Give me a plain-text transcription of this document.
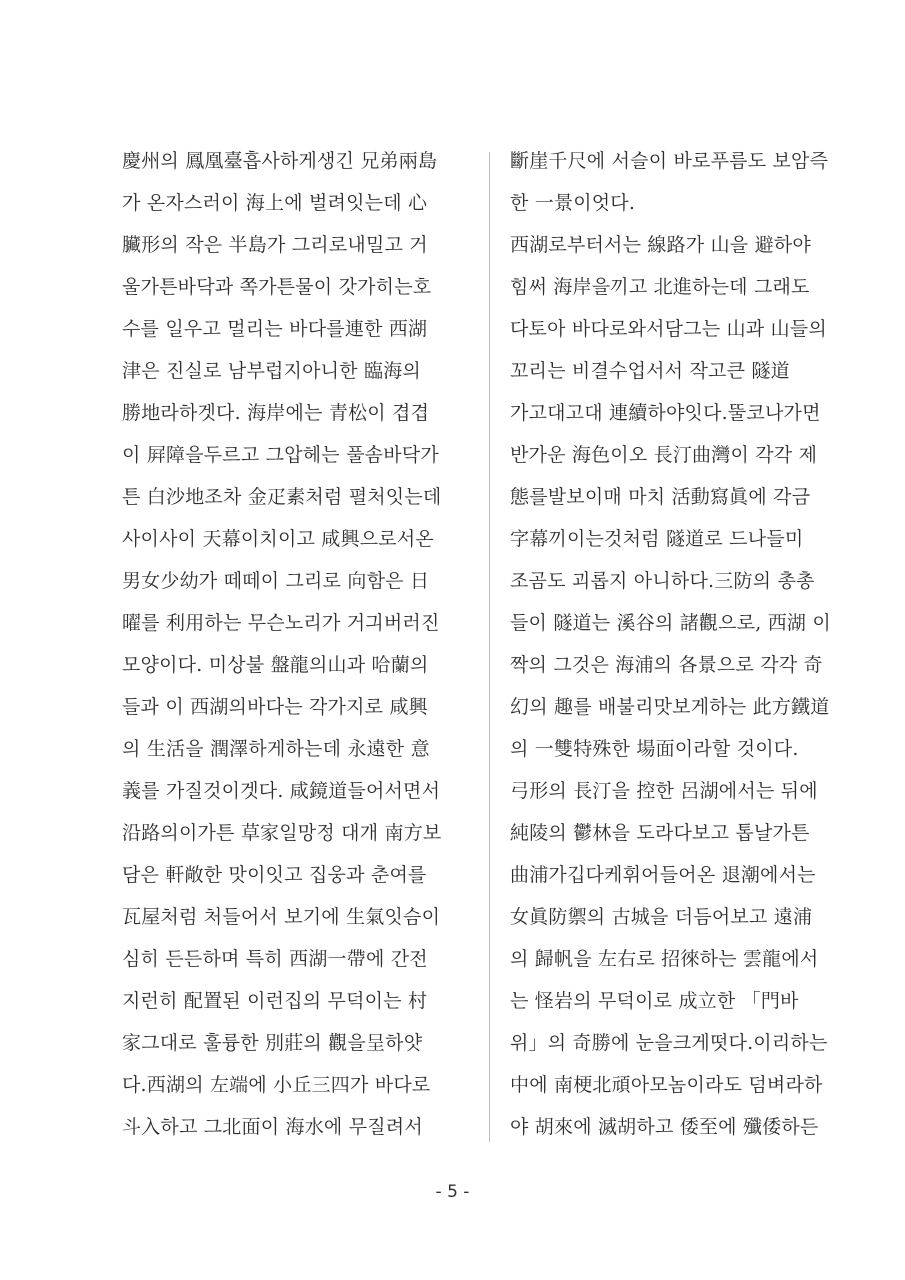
慶州의 鳳凰臺흡사하게생긴 兄弟兩島
가 온자스러이 海上에 벌려잇는데 心
臟形의 작은 半島가 그리로내밀고 거
울가튼바닥과 쪽가튼물이 갓가히는호
수를 일우고 멀리는 바다를連한 西湖
津은 진실로 남부럽지아니한 臨海의
勝地라하겟다. 海岸에는 青松이 겹겹
이 屛障을두르고 그압헤는 풀솜바닥가
튼 白沙地조차 金疋素처럼 펼처잇는데
사이사이 天幕이치이고 咸興으로서온
男女少幼가 떼떼이 그리로 向함은 日
曜를 利用하는 무슨노리가 거긔버러진
모양이다. 미상불 盤龍의山과 哈蘭의
들과 이 西湖의바다는 각가지로 咸興
의 生活을 潤澤하게하는데 永遠한 意
義를 가질것이겟다. 咸鏡道들어서면서
沿路의이가튼 草家일망정 대개 南方보
담은 軒敞한 맛이잇고 집웅과 춘여를
瓦屋처럼 처들어서 보기에 生氣잇슴이
심히 든든하며 특히 西湖一帶에 간전
지런히 配置된 이런집의 무덕이는 村
家그대로 훌륭한 別莊의 觀을呈하얏
다.西湖의 左端에 小丘三四가 바다로
斗入하고 그北面이 海水에 무질려서
斷崖千尺에 서슬이 바로푸름도 보암즉
한 一景이엇다.
西湖로부터서는 線路가 山을 避하야
힘써 海岸을끼고 北進하는데 그래도
다토아 바다로와서담그는 山과 山들의
꼬리는 비결수업서서 작고큰 隧道
가고대고대 連續하야잇다.뚤코나가면
반가운 海色이오 長汀曲灣이 각각 제
態를발보이매 마치 活動寫眞에 각금
字幕끼이는것처럼 隧道로 드나들미
조곰도 괴롭지 아니하다.三防의 총총
들이 隧道는 溪谷의 諸觀으로, 西湖 이
짝의 그것은 海浦의 各景으로 각각 奇
幻의 趣를 배불리맛보게하는 此方鐵道
의 一雙特殊한 場面이라할 것이다.
弓形의 長汀을 控한 呂湖에서는 뒤에
純陵의 鬱林을 도라다보고 톱날가튼
曲浦가깁다케휘어들어온 退潮에서는
女眞防禦의 古城을 더듬어보고 遠浦
의 歸帆을 左右로 招徠하는 雲龍에서
는 怪岩의 무덕이로 成立한 「門바
위」의 奇勝에 눈을크게떳다.이리하는
中에 南梗北頑아모놈이라도 덤벼라하
야 胡來에 滅胡하고 倭至에 殲倭하든
- 5 -
